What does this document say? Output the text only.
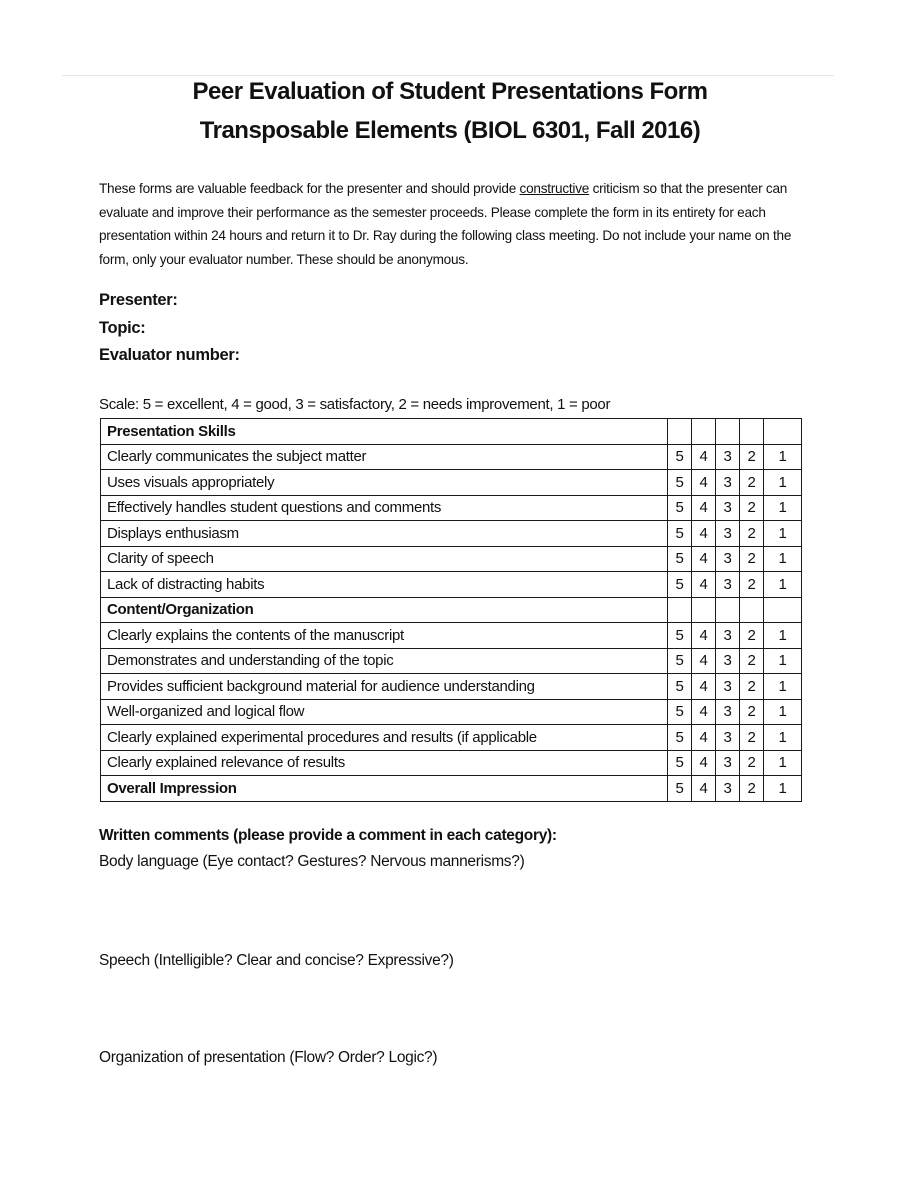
Peer Evaluation of Student Presentations Form
Transposable Elements (BIOL 6301, Fall 2016)
These forms are valuable feedback for the presenter and should provide constructive criticism so that the presenter can evaluate and improve their performance as the semester proceeds. Please complete the form in its entirety for each presentation within 24 hours and return it to Dr. Ray during the following class meeting. Do not include your name on the form, only your evaluator number. These should be anonymous.
Presenter:
Topic:
Evaluator number:
Scale: 5 = excellent, 4 = good, 3 = satisfactory, 2 = needs improvement, 1 = poor
Presentation Skills					
Clearly communicates the subject matter	5	4	3	2	1
Uses visuals appropriately	5	4	3	2	1
Effectively handles student questions and comments	5	4	3	2	1
Displays enthusiasm	5	4	3	2	1
Clarity of speech	5	4	3	2	1
Lack of distracting habits	5	4	3	2	1
Content/Organization					
Clearly explains the contents of the manuscript	5	4	3	2	1
Demonstrates and understanding of the topic	5	4	3	2	1
Provides sufficient background material for audience understanding	5	4	3	2	1
Well-organized and logical flow	5	4	3	2	1
Clearly explained experimental procedures and results (if applicable	5	4	3	2	1
Clearly explained relevance of results	5	4	3	2	1
Overall Impression	5	4	3	2	1
Written comments (please provide a comment in each category):
Body language (Eye contact? Gestures? Nervous mannerisms?)
Speech (Intelligible? Clear and concise? Expressive?)
Organization of presentation (Flow? Order? Logic?)
